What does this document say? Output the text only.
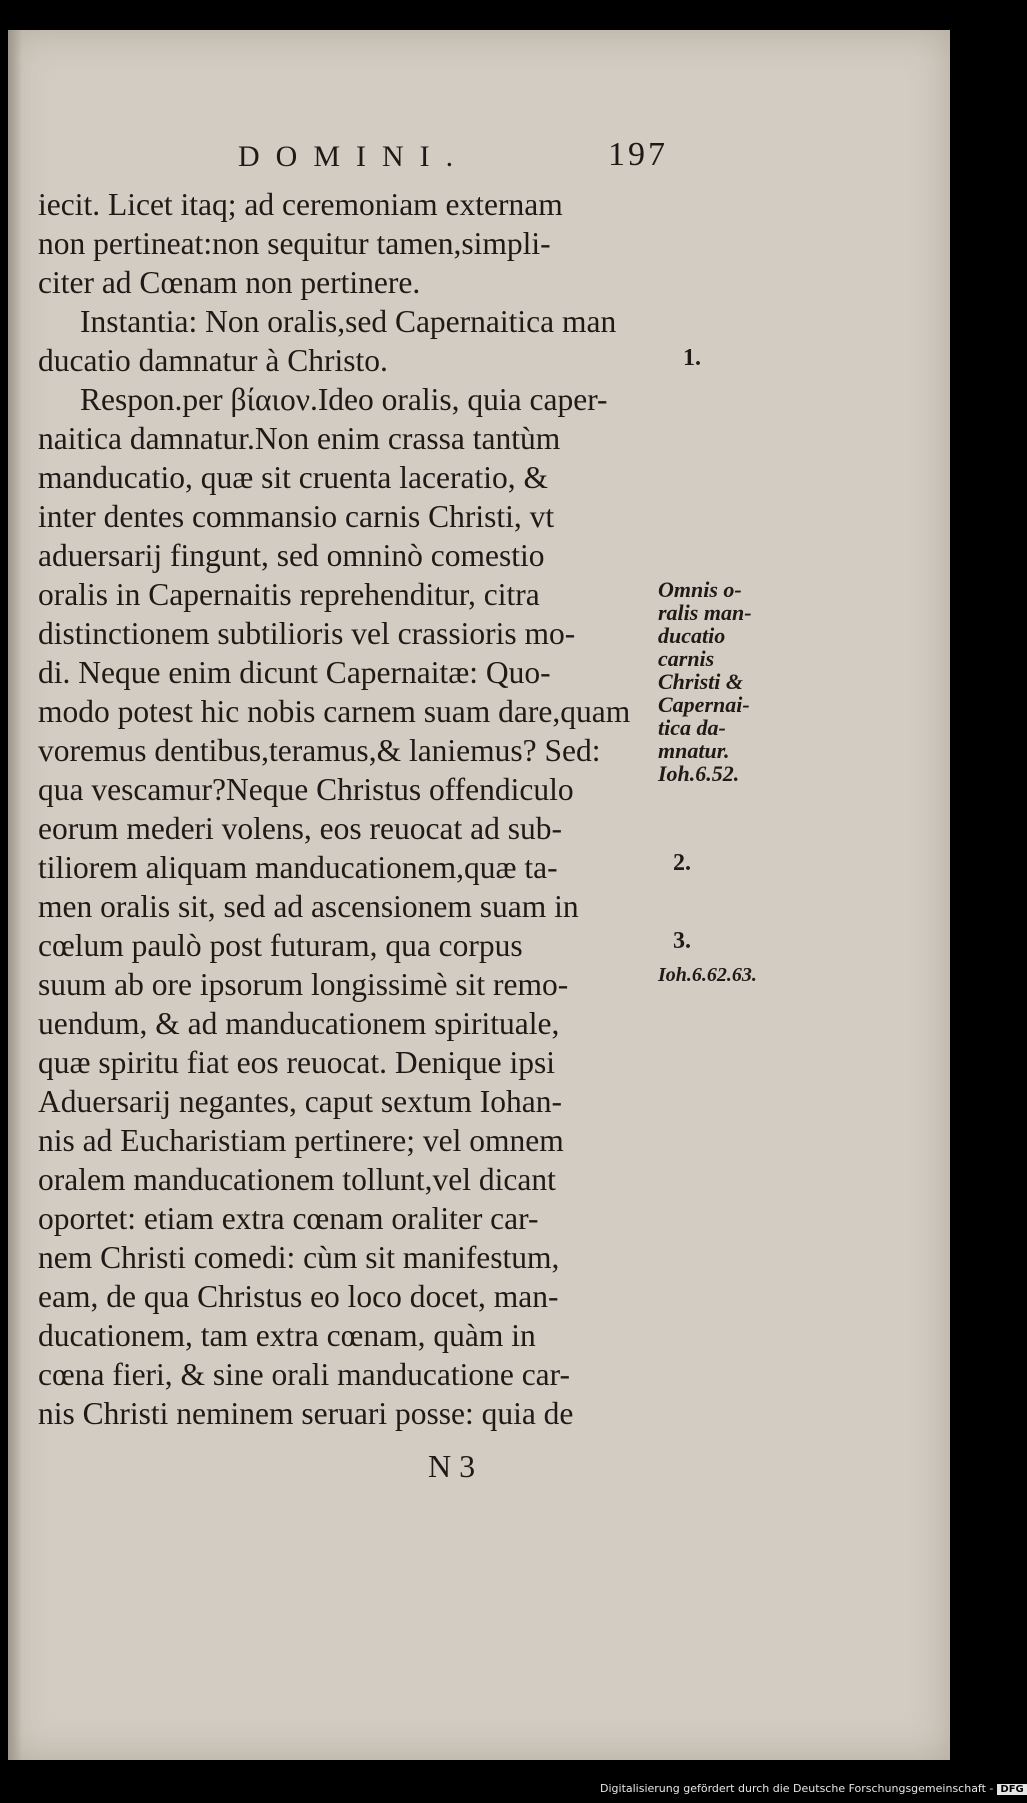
DOMINI.	197
iecit. Licet itaq; ad ceremoniam externam
non pertineat:non sequitur tamen,simpli-
citer ad Cœnam non pertinere.
Instantia: Non oralis,sed Capernaitica man
ducatio damnatur à Christo.
Respon.per βίαιον.Ideo oralis, quia caper-
naitica damnatur.Non enim crassa tantùm
manducatio, quæ sit cruenta laceratio, &
inter dentes commansio carnis Christi, vt
aduersarij fingunt, sed omninò comestio
oralis in Capernaitis reprehenditur, citra
distinctionem subtilioris vel crassioris mo-
di. Neque enim dicunt Capernaitæ: Quo-
modo potest hic nobis carnem suam dare,quam
voremus dentibus,teramus,& laniemus? Sed:
qua vescamur?Neque Christus offendiculo
eorum mederi volens, eos reuocat ad sub-
tiliorem aliquam manducationem,quæ ta-
men oralis sit, sed ad ascensionem suam in
cœlum paulò post futuram, qua corpus
suum ab ore ipsorum longissimè sit remo-
uendum, & ad manducationem spirituale,
quæ spiritu fiat eos reuocat. Denique ipsi
Aduersarij negantes, caput sextum Iohan-
nis ad Eucharistiam pertinere; vel omnem
oralem manducationem tollunt,vel dicant
oportet: etiam extra cœnam oraliter car-
nem Christi comedi: cùm sit manifestum,
eam, de qua Christus eo loco docet, man-
ducationem, tam extra cœnam, quàm in
cœna fieri, & sine orali manducatione car-
nis Christi neminem seruari posse: quia de
Omnis o-
ralis man-
ducatio
carnis
Christi &
Capernai-
tica da-
mnatur.
Ioh.6.52.
1.
2.
3.
Ioh.6.62.63.
N 3
Digitalisierung gefördert durch die Deutsche Forschungsgemeinschaft - DFG
